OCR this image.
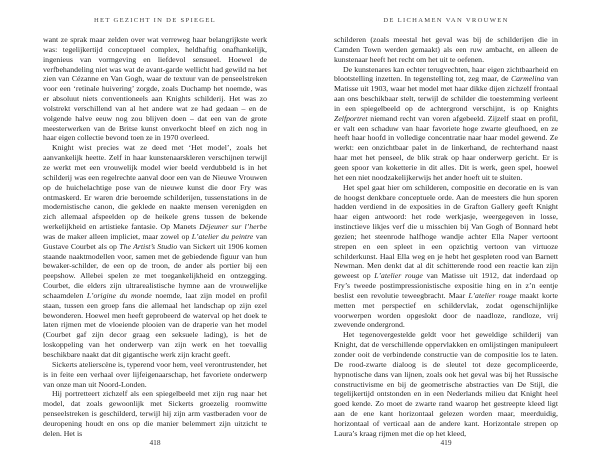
HET GEZICHT IN DE SPIEGEL

want ze sprak maar zelden over wat verreweg haar belangrijkste werk was: tegelijkertijd conceptueel complex, heldhaftig onafhankelijk, ingenieus van vormgeving en liefdevol sensueel. Hoewel de verfbehandeling niet was wat de avant-garde wellicht had gewild na het zien van Cézanne en Van Gogh, waar de textuur van de penseelstreken voor een ‘retinale huivering’ zorgde, zoals Duchamp het noemde, was er absoluut niets conventioneels aan Knights schilderij. Het was zo volstrekt verschillend van al het andere wat ze had gedaan – en de volgende halve eeuw nog zou blijven doen – dat een van de grote meesterwerken van de Britse kunst onverkocht bleef en zich nog in haar eigen collectie bevond toen ze in 1970 overleed.

Knight wist precies wat ze deed met ‘Het model’, zoals het aanvankelijk heette. Zelf in haar kunstenaarskleren verschijnen terwijl ze werkt met een vrouwelijk model wier beeld verdubbeld is in het schilderij was een regelrechte aanval door een van de Nieuwe Vrouwen op de huichelachtige pose van de nieuwe kunst die door Fry was ontmaskerd. Er waren drie beroemde schilderijen, tussenstations in de modernistische canon, die geklede en naakte mensen verenigden en zich allemaal afspeelden op de heikele grens tussen de bekende werkelijkheid en artistieke fantasie. Op Manets Déjeuner sur l’herbe was de maker alleen impliciet, maar zowel op L’atelier du peintre van Gustave Courbet als op The Artist’s Studio van Sickert uit 1906 komen staande naaktmodellen voor, samen met de gebiedende figuur van hun bewaker-schilder, de een op de troon, de ander als portier bij een peepshow. Allebei spelen ze met toegankelijkheid en ontzegging. Courbet, die elders zijn ultrarealistische hymne aan de vrouwelijke schaamdelen L’origine du monde noemde, laat zijn model en profil staan, tussen een groep fans die allemaal het landschap op zijn ezel bewonderen. Hoewel men heeft geprobeerd de waterval op het doek te laten rijmen met de vloeiende plooien van de draperie van het model (Courbet gaf zijn decor graag een seksuele lading), is het de loskoppeling van het onderwerp van zijn werk en het toevallig beschikbare naakt dat dit gigantische werk zijn kracht geeft.

Sickerts atelierscène is, typerend voor hem, veel verontrustender, het is in feite een verhaal over lijfeigenaarschap, het favoriete onderwerp van onze man uit Noord-Londen.

Hij portretteert zichzelf als een spiegelbeeld met zijn rug naar het model, dat zoals gewoonlijk met Sickerts groezelig roomwitte penseelstreken is geschilderd, terwijl hij zijn arm vastberaden voor de deuropening houdt en ons op die manier belemmert zijn uitzicht te delen. Het is

418
DE LICHAMEN VAN VROUWEN

schilderen (zoals meestal het geval was bij de schilderijen die in Camden Town werden gemaakt) als een ruw ambacht, en alleen de kunstenaar heeft het recht om het uit te oefenen.

De kunstenares kan echter terugvechten, haar eigen zichtbaarheid en blootstelling inzetten. In tegenstelling tot, zeg maar, de Carmelina van Matisse uit 1903, waar het model met haar dikke dijen zichzelf frontaal aan ons beschikbaar stelt, terwijl de schilder die toestemming verleent in een spiegelbeeld op de achtergrond verschijnt, is op Knights Zelfportret niemand recht van voren afgebeeld. Zijzelf staat en profil, er valt een schaduw van haar favoriete hoge zwarte gleufhoed, en ze heeft haar hoofd in volledige concentratie naar haar model gewend. Ze werkt: een onzichtbaar palet in de linkerhand, de rechterhand naast haar met het penseel, de blik strak op haar onderwerp gericht. Er is geen spoor van koketterie in dit alles. Dit is werk, geen spel, hoewel het een niet noodzakelijkerwijs het ander hoeft uit te sluiten.

Het spel gaat hier om schilderen, compositie en decoratie en is van de hoogst denkbare conceptuele orde. Aan de meesters die hun sporen hadden verdiend in de exposities in de Grafton Gallery geeft Knight haar eigen antwoord: het rode werkjasje, weergegeven in losse, instinctieve likjes verf die u misschien bij Van Gogh of Bonnard hebt gezien; het steenrode halfhoge wandje achter Ella Naper vertoont strepen en een spleet in een opzichtig vertoon van virtuoze schilderkunst. Haal Ella weg en je hebt het gespleten rood van Barnett Newman. Men denkt dat al dit schitterende rood een reactie kan zijn geweest op L’atelier rouge van Matisse uit 1912, dat inderdaad op Fry’s tweede postimpressionistische expositie hing en in z’n eentje beslist een revolutie teweegbracht. Maar L’atelier rouge maakt korte metten met perspectief en schildervlak, zodat ogenschijnlijke voorwerpen worden opgeslokt door de naadloze, randloze, vrij zwevende ondergrond.

Het tegenovergestelde geldt voor het geweldige schilderij van Knight, dat de verschillende oppervlakken en omlijstingen manipuleert zonder ooit de verbindende constructie van de compositie los te laten. De rood-zwarte dialoog is de sleutel tot deze gecompliceerde, hypnotische dans van lijnen, zoals ook het geval was bij het Russische constructivisme en bij de geometrische abstracties van De Stijl, die tegelijkertijd ontstonden en in een Nederlands milieu dat Knight heel goed kende. Zo moet de zwarte rand waarop het gestreepte kleed ligt aan de ene kant horizontaal gelezen worden maar, meerduidig, horizontaal of verticaal aan de andere kant. Horizontale strepen op Laura’s kraag rijmen met die op het kleed,

419
